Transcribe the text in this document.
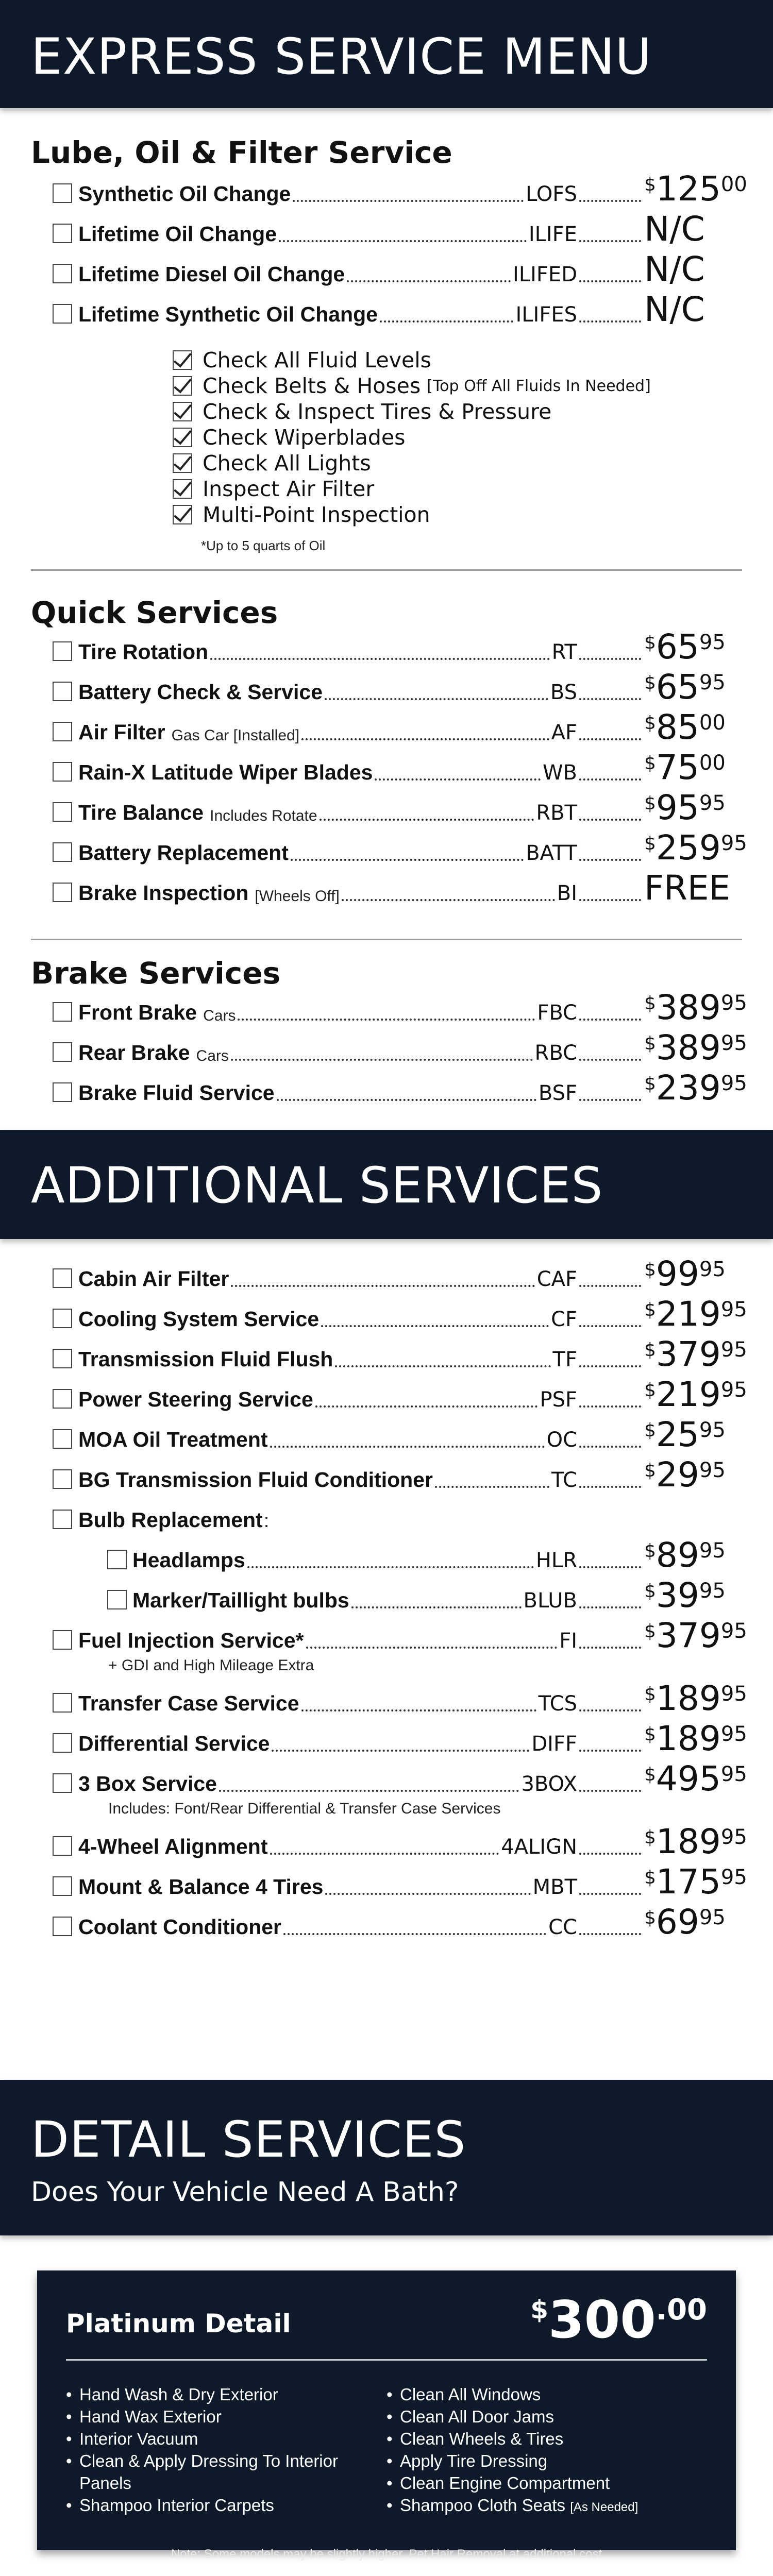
EXPRESS SERVICE MENU
Lube, Oil & Filter Service
Synthetic Oil Change	LOFS	$^{\$}125^{00}$
Lifetime Oil Change	ILIFE N/C
Lifetime Diesel Oil Change	ILIFED N/C
Lifetime Synthetic Oil Change	ILIFES N/C
Check All Fluid Levels
Check Belts & Hoses [Top Off All Fluids In Needed]
Check & Inspect Tires & Pressure
Check Wiperblades
Check All Lights
Inspect Air Filter
Multi-Point Inspection
*Up to 5 quarts of Oil
Quick Services
Tire Rotation	RT	$^{\$}65^{95}$
Battery Check & Service	BS	$^{\$}65^{95}$
Air Filter Gas Car [Installed]	AF	$^{\$}85^{00}$
Rain-X Latitude Wiper Blades	WB	$^{\$}75^{00}$
Tire Balance Includes Rotate	RBT	$^{\$}95^{95}$
Battery Replacement	BATT	$^{\$}259^{95}$
Brake Inspection [Wheels Off]	BI FREE
Brake Services
Front Brake Cars	FBC	$^{\$}389^{95}$
Rear Brake Cars	RBC	$^{\$}389^{95}$
Brake Fluid Service	BSF	$^{\$}239^{95}$
ADDITIONAL SERVICES
Cabin Air Filter	CAF	$^{\$}99^{95}$
Cooling System Service	CF	$^{\$}219^{95}$
Transmission Fluid Flush	TF	$^{\$}379^{95}$
Power Steering Service	PSF	$^{\$}219^{95}$
MOA Oil Treatment	OC	$^{\$}25^{95}$
BG Transmission Fluid Conditioner	TC	$^{\$}29^{95}$
Bulb Replacement :
Headlamps	HLR	$^{\$}89^{95}$
Marker/Taillight bulbs	BLUB	$^{\$}39^{95}$
Fuel Injection Service*	FI	$^{\$}379^{95}$
+ GDI and High Mileage Extra
Transfer Case Service	TCS	$^{\$}189^{95}$
Differential Service	DIFF	$^{\$}189^{95}$
3 Box Service	3BOX	$^{\$}495^{95}$
Includes: Font/Rear Differential & Transfer Case Services
4-Wheel Alignment	4ALIGN	$^{\$}189^{95}$
Mount & Balance 4 Tires	MBT	$^{\$}175^{95}$
Coolant Conditioner	CC	$^{\$}69^{95}$
DETAIL SERVICES
Does Your Vehicle Need A Bath?
Platinum Detail	$^{\$}300^{.00}$
• Hand Wash & Dry Exterior
• Hand Wax Exterior
• Interior Vacuum
• Clean & Apply Dressing To Interior Panels
• Shampoo Interior Carpets
• Clean All Windows
• Clean All Door Jams
• Clean Wheels & Tires
• Apply Tire Dressing
• Clean Engine Compartment
• Shampoo Cloth Seats [As Needed]
Note: Some models may be slightly higher. Pet Hair Removal at additional cost
